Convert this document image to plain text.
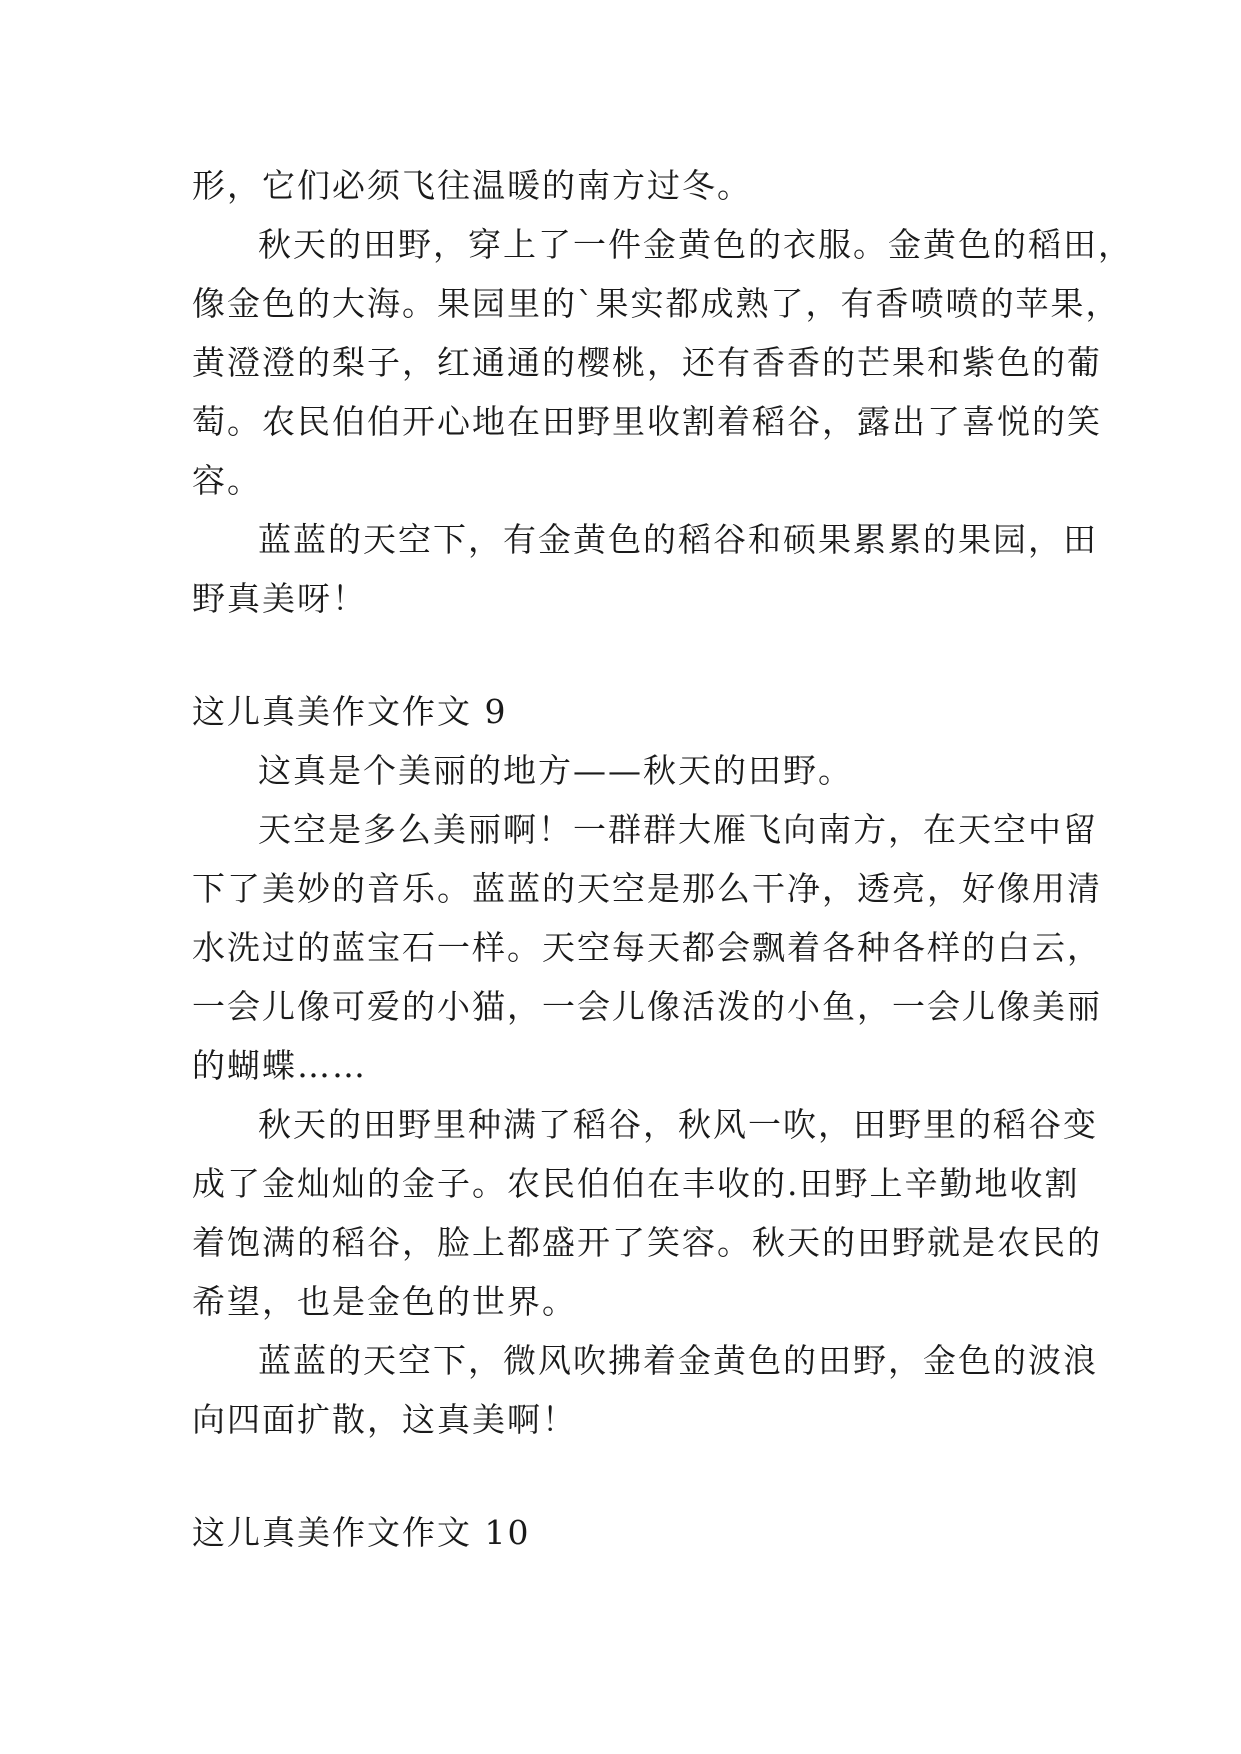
形，它们必须飞往温暖的南方过冬。
秋天的田野，穿上了一件金黄色的衣服。金黄色的稻田，
像金色的大海。果园里的`果实都成熟了，有香喷喷的苹果，
黄澄澄的梨子，红通通的樱桃，还有香香的芒果和紫色的葡
萄。农民伯伯开心地在田野里收割着稻谷，露出了喜悦的笑
容。
蓝蓝的天空下，有金黄色的稻谷和硕果累累的果园，田
野真美呀！
这儿真美作文作文 9
这真是个美丽的地方——秋天的田野。
天空是多么美丽啊！一群群大雁飞向南方，在天空中留
下了美妙的音乐。蓝蓝的天空是那么干净，透亮，好像用清
水洗过的蓝宝石一样。天空每天都会飘着各种各样的白云，
一会儿像可爱的小猫，一会儿像活泼的小鱼，一会儿像美丽
的蝴蝶……
秋天的田野里种满了稻谷，秋风一吹，田野里的稻谷变
成了金灿灿的金子。农民伯伯在丰收的.田野上辛勤地收割
着饱满的稻谷，脸上都盛开了笑容。秋天的田野就是农民的
希望，也是金色的世界。
蓝蓝的天空下，微风吹拂着金黄色的田野，金色的波浪
向四面扩散，这真美啊！
这儿真美作文作文 10
